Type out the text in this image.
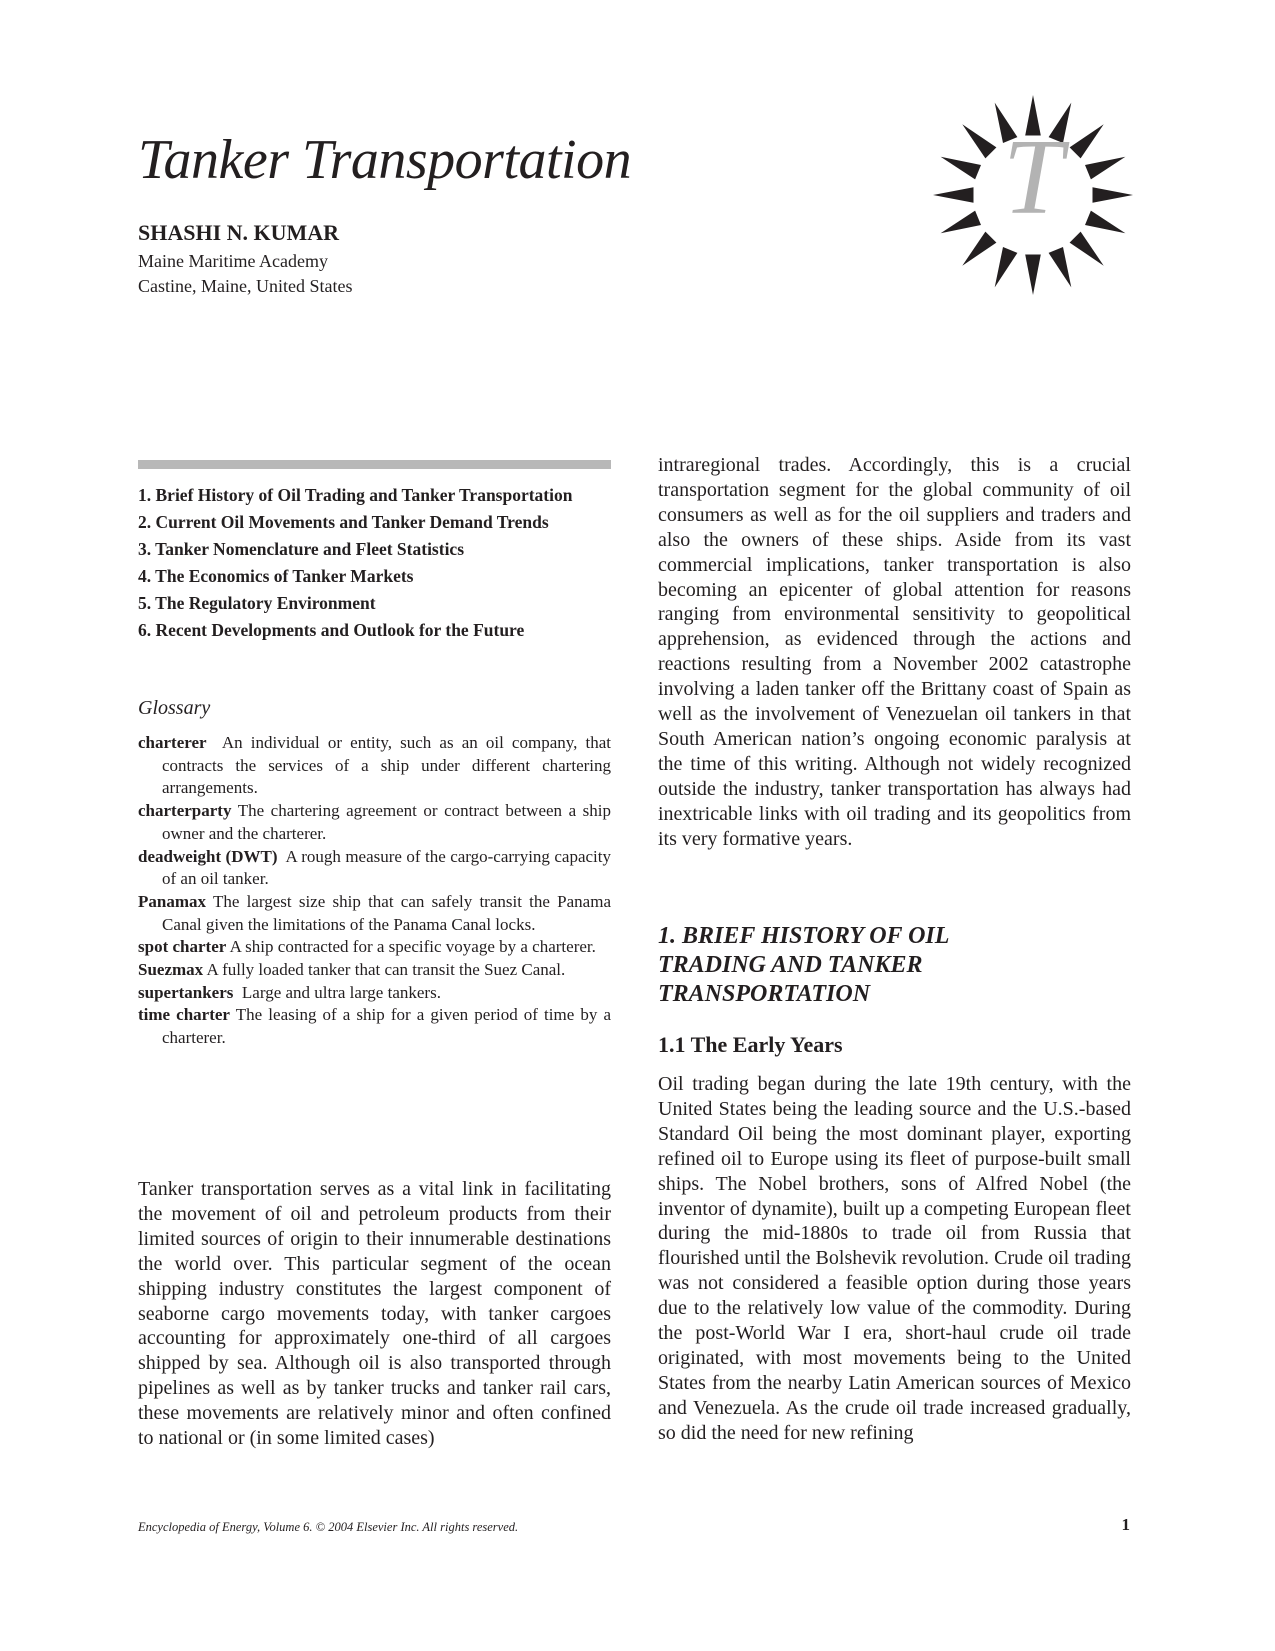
Tanker Transportation
SHASHI N. KUMAR
Maine Maritime Academy
Castine, Maine, United States
T
1. Brief History of Oil Trading and Tanker Transportation
2. Current Oil Movements and Tanker Demand Trends
3. Tanker Nomenclature and Fleet Statistics
4. The Economics of Tanker Markets
5. The Regulatory Environment
6. Recent Developments and Outlook for the Future
Glossary
charterer An individual or entity, such as an oil company, that contracts the services of a ship under different chartering arrangements.
charterparty The chartering agreement or contract between a ship owner and the charterer.
deadweight (DWT) A rough measure of the cargo-carrying capacity of an oil tanker.
Panamax The largest size ship that can safely transit the Panama Canal given the limitations of the Panama Canal locks.
spot charter A ship contracted for a specific voyage by a charterer.
Suezmax A fully loaded tanker that can transit the Suez Canal.
supertankers Large and ultra large tankers.
time charter The leasing of a ship for a given period of time by a charterer.

Tanker transportation serves as a vital link in facilitating the movement of oil and petroleum products from their limited sources of origin to their innumerable destinations the world over. This particular segment of the ocean shipping industry constitutes the largest component of seaborne cargo movements today, with tanker cargoes accounting for approximately one-third of all cargoes shipped by sea. Although oil is also transported through pipelines as well as by tanker trucks and tanker rail cars, these movements are relatively minor and often confined to national or (in some limited cases)

intraregional trades. Accordingly, this is a crucial transportation segment for the global community of oil consumers as well as for the oil suppliers and traders and also the owners of these ships. Aside from its vast commercial implications, tanker transportation is also becoming an epicenter of global attention for reasons ranging from environmental sensitivity to geopolitical apprehension, as evidenced through the actions and reactions resulting from a November 2002 catastrophe involving a laden tanker off the Brittany coast of Spain as well as the involvement of Venezuelan oil tankers in that South American nation’s ongoing economic paralysis at the time of this writing. Although not widely recognized outside the industry, tanker transportation has always had inextricable links with oil trading and its geopolitics from its very formative years.

1. BRIEF HISTORY OF OIL TRADING AND TANKER TRANSPORTATION
1.1 The Early Years

Oil trading began during the late 19th century, with the United States being the leading source and the U.S.-based Standard Oil being the most dominant player, exporting refined oil to Europe using its fleet of purpose-built small ships. The Nobel brothers, sons of Alfred Nobel (the inventor of dynamite), built up a competing European fleet during the mid-1880s to trade oil from Russia that flourished until the Bolshevik revolution. Crude oil trading was not considered a feasible option during those years due to the relatively low value of the commodity. During the post-World War I era, short-haul crude oil trade originated, with most movements being to the United States from the nearby Latin American sources of Mexico and Venezuela. As the crude oil trade increased gradually, so did the need for new refining

Encyclopedia of Energy, Volume 6. © 2004 Elsevier Inc. All rights reserved.	1
